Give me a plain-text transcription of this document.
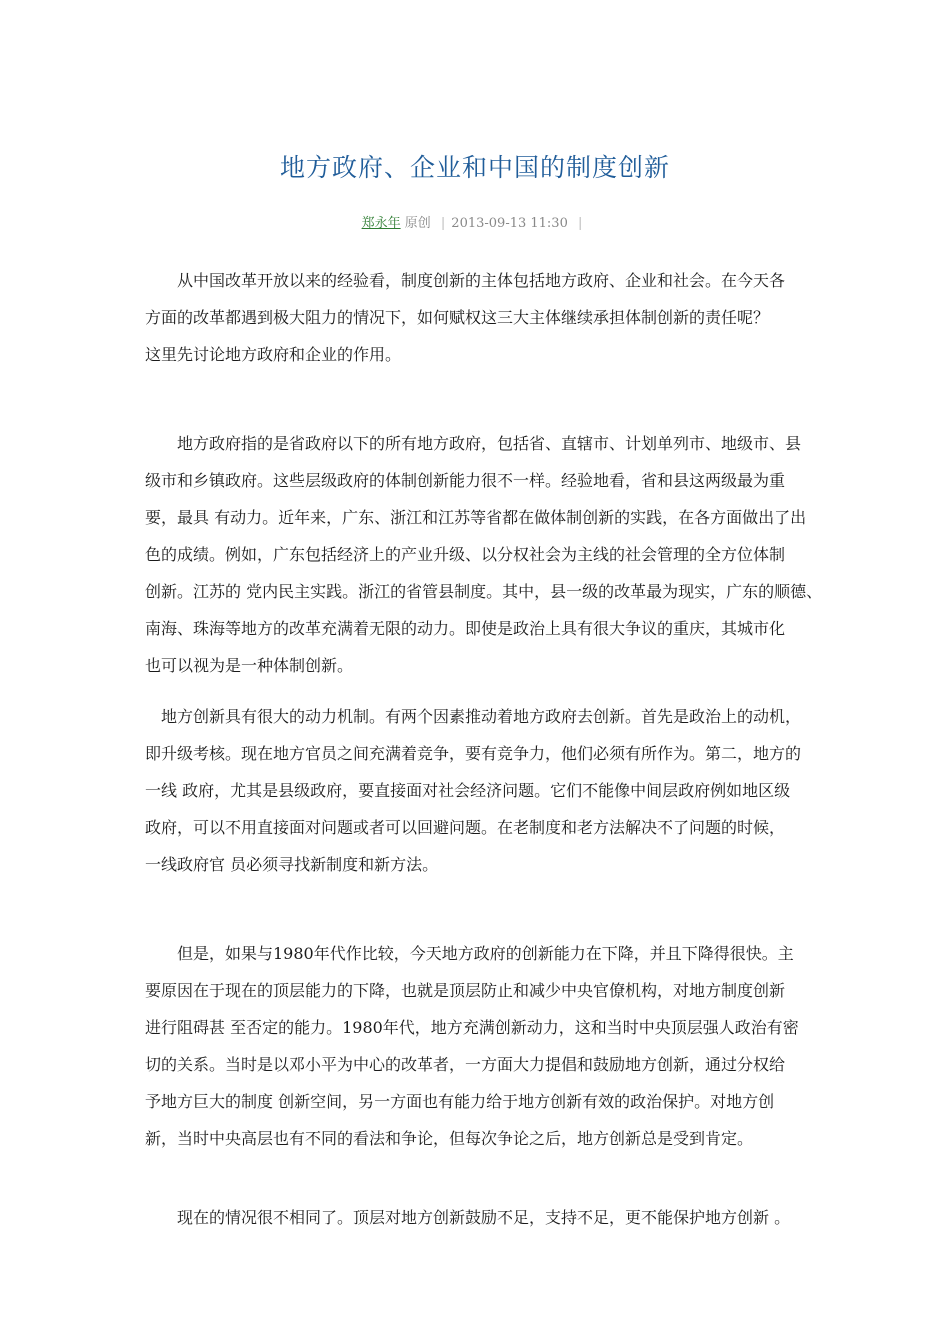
地方政府、企业和中国的制度创新
郑永年 原创 | 2013-09-13 11:30 |

　　从中国改革开放以来的经验看，制度创新的主体包括地方政府、企业和社会。在今天各
方面的改革都遇到极大阻力的情况下，如何赋权这三大主体继续承担体制创新的责任呢？
这里先讨论地方政府和企业的作用。

　　地方政府指的是省政府以下的所有地方政府，包括省、直辖市、计划单列市、地级市、县
级市和乡镇政府。这些层级政府的体制创新能力很不一样。经验地看，省和县这两级最为重
要，最具 有动力。近年来，广东、浙江和江苏等省都在做体制创新的实践，在各方面做出了出
色的成绩。例如，广东包括经济上的产业升级、以分权社会为主线的社会管理的全方位体制
创新。江苏的 党内民主实践。浙江的省管县制度。其中，县一级的改革最为现实，广东的顺德、
南海、珠海等地方的改革充满着无限的动力。即使是政治上具有很大争议的重庆，其城市化
也可以视为是一种体制创新。

　地方创新具有很大的动力机制。有两个因素推动着地方政府去创新。首先是政治上的动机，
即升级考核。现在地方官员之间充满着竞争，要有竞争力，他们必须有所作为。第二，地方的
一线 政府，尤其是县级政府，要直接面对社会经济问题。它们不能像中间层政府例如地区级
政府，可以不用直接面对问题或者可以回避问题。在老制度和老方法解决不了问题的时候，
一线政府官 员必须寻找新制度和新方法。

　　但是，如果与1980年代作比较，今天地方政府的创新能力在下降，并且下降得很快。主
要原因在于现在的顶层能力的下降，也就是顶层防止和减少中央官僚机构，对地方制度创新
进行阻碍甚 至否定的能力。1980年代，地方充满创新动力，这和当时中央顶层强人政治有密
切的关系。当时是以邓小平为中心的改革者，一方面大力提倡和鼓励地方创新，通过分权给
予地方巨大的制度 创新空间，另一方面也有能力给于地方创新有效的政治保护。对地方创
新，当时中央高层也有不同的看法和争论，但每次争论之后，地方创新总是受到肯定。

　　现在的情况很不相同了。顶层对地方创新鼓励不足，支持不足，更不能保护地方创新 。
